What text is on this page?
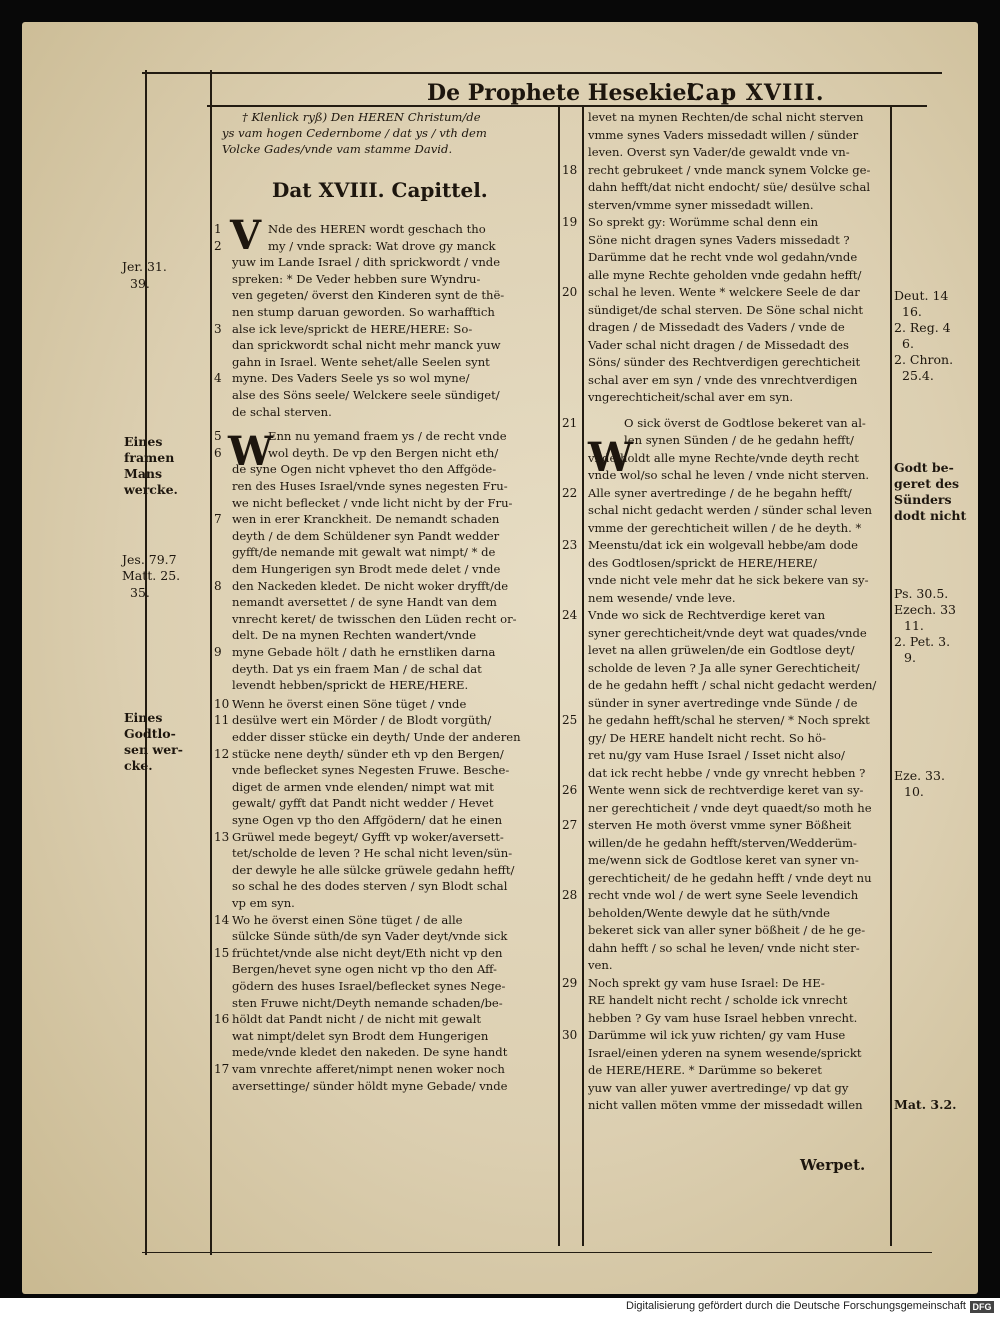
De Prophete Hesekiel.
Cap XVIII.
† Klenlick ryß) Den HEREN Christum/de
ys vam hogen Cedernbome / dat ys / vth dem
Volcke Gades/vnde vam stamme David.
Dat XVIII. Capittel.
V
W	W
Nde des HEREN wordt geschach tho
my / vnde sprack: Wat drove gy manck
yuw im Lande Israel / dith sprickwordt / vnde
spreken: * De Veder hebben sure Wyndru-
ven gegeten/ överst den Kinderen synt de thë-
nen stump daruan geworden. So warhafftich
alse ick leve/sprickt de HERE/HERE: So-
dan sprickwordt schal nicht mehr manck yuw
gahn in Israel. Wente sehet/alle Seelen synt
myne. Des Vaders Seele ys so wol myne/
alse des Söns seele/ Welckere seele sündiget/
de schal sterven.
Enn nu yemand fraem ys / de recht vnde
wol deyth. De vp den Bergen nicht eth/
de syne Ogen nicht vphevet tho den Affgöde-
ren des Huses Israel/vnde synes negesten Fru-
we nicht beflecket / vnde licht nicht by der Fru-
wen in erer Kranckheit. De nemandt schaden
deyth / de dem Schüldener syn Pandt wedder
gyfft/de nemande mit gewalt wat nimpt/ * de
dem Hungerigen syn Brodt mede delet / vnde
den Nackeden kledet. De nicht woker dryfft/de
nemandt aversettet / de syne Handt van dem
vnrecht keret/ de twisschen den Lüden recht or-
delt. De na mynen Rechten wandert/vnde
myne Gebade hölt / dath he ernstliken darna
deyth. Dat ys ein fraem Man / de schal dat
levendt hebben/sprickt de HERE/HERE.
Wenn he överst einen Söne tüget / vnde
desülve wert ein Mörder / de Blodt vorgüth/
edder disser stücke ein deyth/ Unde der anderen
stücke nene deyth/ sünder eth vp den Bergen/
vnde beflecket synes Negesten Fruwe. Besche-
diget de armen vnde elenden/ nimpt wat mit
gewalt/ gyfft dat Pandt nicht wedder / Hevet
syne Ogen vp tho den Affgödern/ dat he einen
Grüwel mede begeyt/ Gyfft vp woker/aversett-
tet/scholde de leven ? He schal nicht leven/sün-
der dewyle he alle sülcke grüwele gedahn hefft/
so schal he des dodes sterven / syn Blodt schal
vp em syn.
Wo he överst einen Söne tüget / de alle
sülcke Sünde süth/de syn Vader deyt/vnde sick
früchtet/vnde alse nicht deyt/Eth nicht vp den
Bergen/hevet syne ogen nicht vp tho den Aff-
gödern des huses Israel/beflecket synes Nege-
sten Fruwe nicht/Deyth nemande schaden/be-
höldt dat Pandt nicht / de nicht mit gewalt
wat nimpt/delet syn Brodt dem Hungerigen
mede/vnde kledet den nakeden. De syne handt
vam vnrechte afferet/nimpt nenen woker noch
aversettinge/ sünder höldt myne Gebade/ vnde
1
2
3
4
5
6
7
8
9
10
11
12
13
14
15
16
17
levet na mynen Rechten/de schal nicht sterven
vmme synes Vaders missedadt willen / sünder
leven. Overst syn Vader/de gewaldt vnde vn-
recht gebrukeet / vnde manck synem Volcke ge-
dahn hefft/dat nicht endocht/ süe/ desülve schal
sterven/vmme syner missedadt willen.
So sprekt gy: Worümme schal denn ein
Söne nicht dragen synes Vaders missedadt ?
Darümme dat he recht vnde wol gedahn/vnde
alle myne Rechte geholden vnde gedahn hefft/
schal he leven. Wente * welckere Seele de dar
sündiget/de schal sterven. De Söne schal nicht
dragen / de Missedadt des Vaders / vnde de
Vader schal nicht dragen / de Missedadt des
Söns/ sünder des Rechtverdigen gerechticheit
schal aver em syn / vnde des vnrechtverdigen
vngerechticheit/schal aver em syn.
O sick överst de Godtlose bekeret van al-
len synen Sünden / de he gedahn hefft/
vnde holdt alle myne Rechte/vnde deyth recht
vnde wol/so schal he leven / vnde nicht sterven.
Alle syner avertredinge / de he begahn hefft/
schal nicht gedacht werden / sünder schal leven
vmme der gerechticheit willen / de he deyth. *
Meenstu/dat ick ein wolgevall hebbe/am dode
des Godtlosen/sprickt de HERE/HERE/
vnde nicht vele mehr dat he sick bekere van sy-
nem wesende/ vnde leve.
Vnde wo sick de Rechtverdige keret van
syner gerechticheit/vnde deyt wat quades/vnde
levet na allen grüwelen/de ein Godtlose deyt/
scholde de leven ? Ja alle syner Gerechticheit/
de he gedahn hefft / schal nicht gedacht werden/
sünder in syner avertredinge vnde Sünde / de
he gedahn hefft/schal he sterven/ * Noch sprekt
gy/ De HERE handelt nicht recht. So hö-
ret nu/gy vam Huse Israel / Isset nicht also/
dat ick recht hebbe / vnde gy vnrecht hebben ?
Wente wenn sick de rechtverdige keret van sy-
ner gerechticheit / vnde deyt quaedt/so moth he
sterven He moth överst vmme syner Bößheit
willen/de he gedahn hefft/sterven/Wedderüm-
me/wenn sick de Godtlose keret van syner vn-
gerechticheit/ de he gedahn hefft / vnde deyt nu
recht vnde wol / de wert syne Seele levendich
beholden/Wente dewyle dat he süth/vnde
bekeret sick van aller syner bößheit / de he ge-
dahn hefft / so schal he leven/ vnde nicht ster-
ven.
Noch sprekt gy vam huse Israel: De HE-
RE handelt nicht recht / scholde ick vnrecht
hebben ? Gy vam huse Israel hebben vnrecht.
Darümme wil ick yuw richten/ gy vam Huse
Israel/einen yderen na synem wesende/sprickt
de HERE/HERE. * Darümme so bekeret
yuw van aller yuwer avertredinge/ vp dat gy
nicht vallen möten vmme der missedadt willen
18
19
20
21
22
23
24
25
26
27
28
29
30
Jer. 31.
39.
Eines
framen
Mans
wercke.
Jes. 79.7
Matt. 25.
35.
Eines
Godtlo-
sen wer-
cke.
Deut. 14
16.
2. Reg. 4
6.
2. Chron.
25.4.
Godt be-
geret des
Sünders
dodt nicht
Ps. 30.5.
Ezech. 33
11.
2. Pet. 3.
9.
Eze. 33.
10.
Mat. 3.2.
Werpet.
Digitalisierung gefördert durch die Deutsche Forschungsgemeinschaft DFG
